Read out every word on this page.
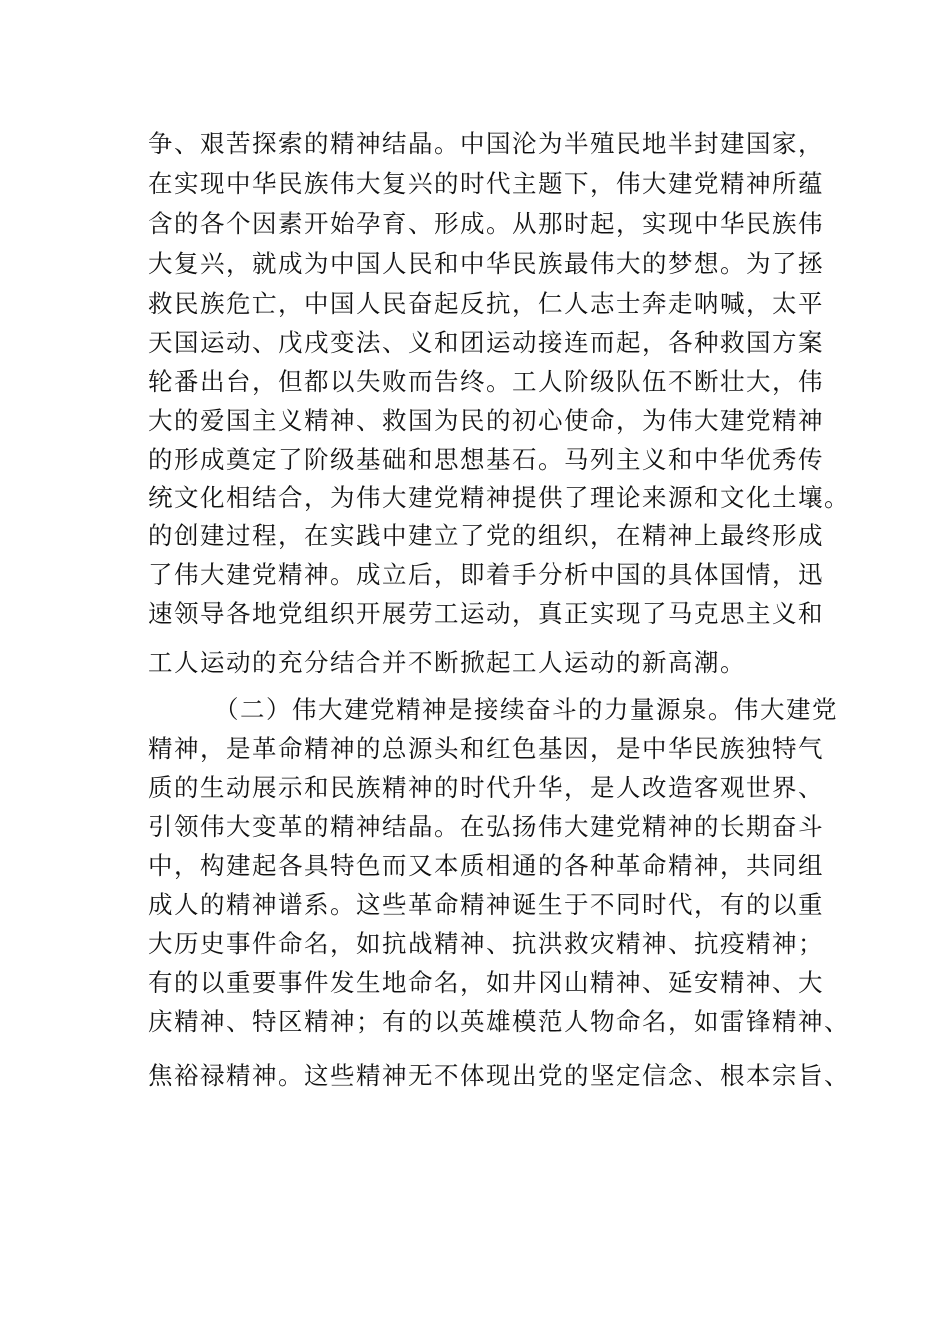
争、艰苦探索的精神结晶。中国沦为半殖民地半封建国家，
在实现中华民族伟大复兴的时代主题下，伟大建党精神所蕴
含的各个因素开始孕育、形成。从那时起，实现中华民族伟
大复兴，就成为中国人民和中华民族最伟大的梦想。为了拯
救民族危亡，中国人民奋起反抗，仁人志士奔走呐喊，太平
天国运动、戊戌变法、义和团运动接连而起，各种救国方案
轮番出台，但都以失败而告终。工人阶级队伍不断壮大，伟
大的爱国主义精神、救国为民的初心使命，为伟大建党精神
的形成奠定了阶级基础和思想基石。马列主义和中华优秀传
统文化相结合，为伟大建党精神提供了理论来源和文化土壤。
的创建过程，在实践中建立了党的组织，在精神上最终形成
了伟大建党精神。成立后，即着手分析中国的具体国情，迅
速领导各地党组织开展劳工运动，真正实现了马克思主义和
工人运动的充分结合并不断掀起工人运动的新高潮。
（二）伟大建党精神是接续奋斗的力量源泉。伟大建党
精神，是革命精神的总源头和红色基因，是中华民族独特气
质的生动展示和民族精神的时代升华，是人改造客观世界、
引领伟大变革的精神结晶。在弘扬伟大建党精神的长期奋斗
中，构建起各具特色而又本质相通的各种革命精神，共同组
成人的精神谱系。这些革命精神诞生于不同时代，有的以重
大历史事件命名，如抗战精神、抗洪救灾精神、抗疫精神；
有的以重要事件发生地命名，如井冈山精神、延安精神、大
庆精神、特区精神；有的以英雄模范人物命名，如雷锋精神、
焦裕禄精神。这些精神无不体现出党的坚定信念、根本宗旨、
